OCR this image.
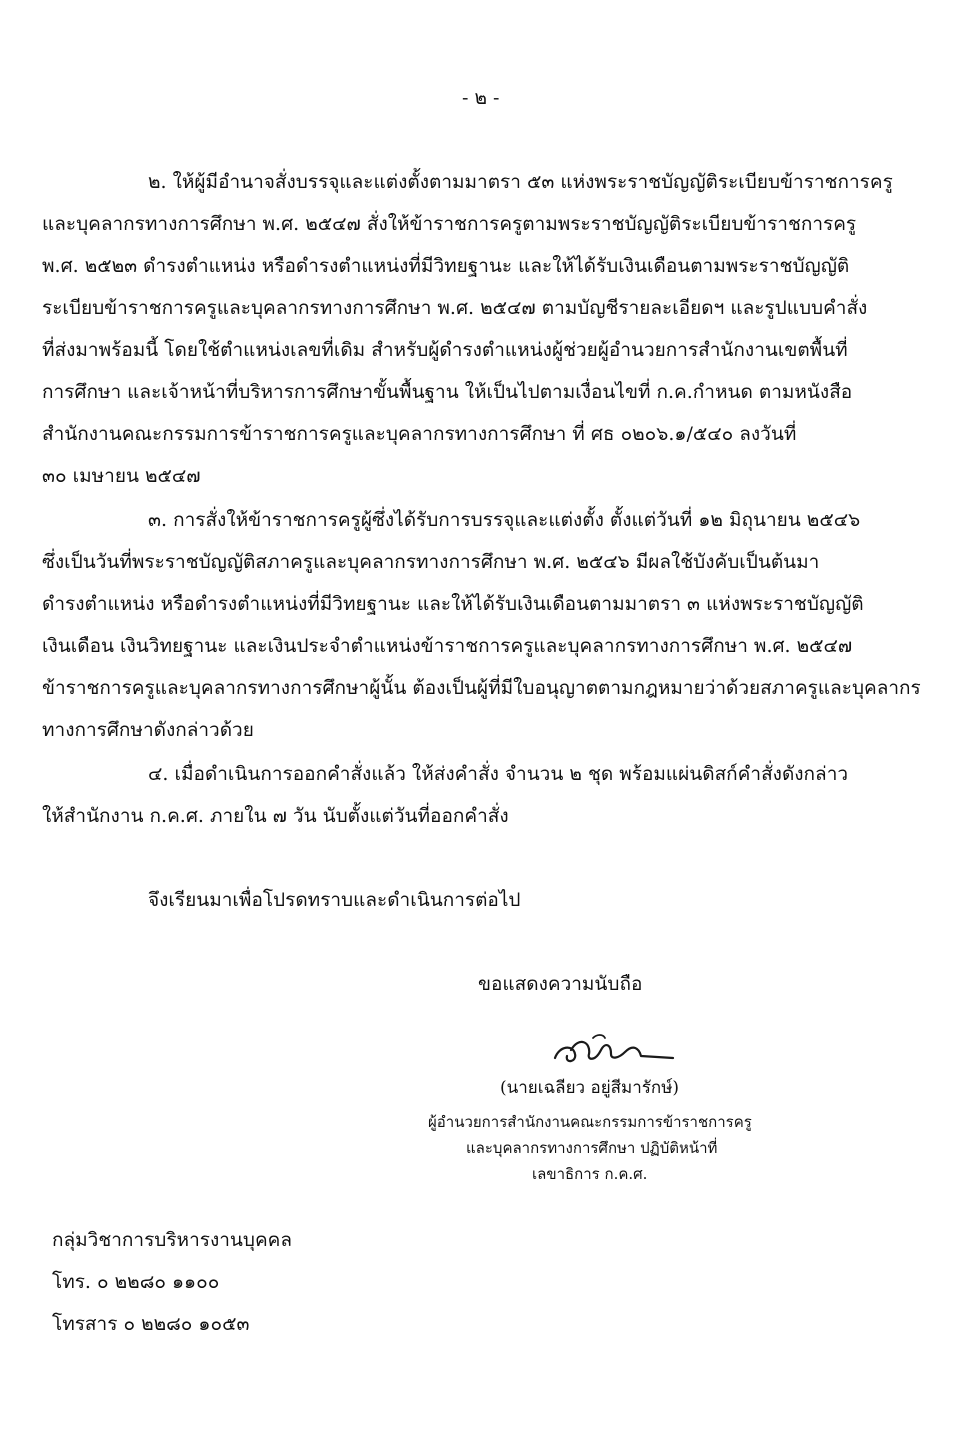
- ๒ -
๒. ให้ผู้มีอำนาจสั่งบรรจุและแต่งตั้งตามมาตรา ๕๓ แห่งพระราชบัญญัติระเบียบข้าราชการครู
และบุคลากรทางการศึกษา พ.ศ. ๒๕๔๗ สั่งให้ข้าราชการครูตามพระราชบัญญัติระเบียบข้าราชการครู
พ.ศ. ๒๕๒๓ ดำรงตำแหน่ง หรือดำรงตำแหน่งที่มีวิทยฐานะ และให้ได้รับเงินเดือนตามพระราชบัญญัติ
ระเบียบข้าราชการครูและบุคลากรทางการศึกษา พ.ศ. ๒๕๔๗ ตามบัญชีรายละเอียดฯ และรูปแบบคำสั่ง
ที่ส่งมาพร้อมนี้ โดยใช้ตำแหน่งเลขที่เดิม สำหรับผู้ดำรงตำแหน่งผู้ช่วยผู้อำนวยการสำนักงานเขตพื้นที่
การศึกษา และเจ้าหน้าที่บริหารการศึกษาขั้นพื้นฐาน ให้เป็นไปตามเงื่อนไขที่ ก.ค.กำหนด ตามหนังสือ
สำนักงานคณะกรรมการข้าราชการครูและบุคลากรทางการศึกษา ที่ ศธ ๐๒๐๖.๑/๕๔๐ ลงวันที่
๓๐ เมษายน ๒๕๔๗
๓. การสั่งให้ข้าราชการครูผู้ซึ่งได้รับการบรรจุและแต่งตั้ง ตั้งแต่วันที่ ๑๒ มิถุนายน ๒๕๔๖
ซึ่งเป็นวันที่พระราชบัญญัติสภาครูและบุคลากรทางการศึกษา พ.ศ. ๒๕๔๖ มีผลใช้บังคับเป็นต้นมา
ดำรงตำแหน่ง หรือดำรงตำแหน่งที่มีวิทยฐานะ และให้ได้รับเงินเดือนตามมาตรา ๓ แห่งพระราชบัญญัติ
เงินเดือน เงินวิทยฐานะ และเงินประจำตำแหน่งข้าราชการครูและบุคลากรทางการศึกษา พ.ศ. ๒๕๔๗
ข้าราชการครูและบุคลากรทางการศึกษาผู้นั้น ต้องเป็นผู้ที่มีใบอนุญาตตามกฎหมายว่าด้วยสภาครูและบุคลากร
ทางการศึกษาดังกล่าวด้วย
๔. เมื่อดำเนินการออกคำสั่งแล้ว ให้ส่งคำสั่ง จำนวน ๒ ชุด พร้อมแผ่นดิสก์คำสั่งดังกล่าว
ให้สำนักงาน ก.ค.ศ. ภายใน ๗ วัน นับตั้งแต่วันที่ออกคำสั่ง
จึงเรียนมาเพื่อโปรดทราบและดำเนินการต่อไป
ขอแสดงความนับถือ
(นายเฉลียว อยู่สีมารักษ์)
ผู้อำนวยการสำนักงานคณะกรรมการข้าราชการครู
และบุคลากรทางการศึกษา ปฏิบัติหน้าที่
เลขาธิการ ก.ค.ศ.
กลุ่มวิชาการบริหารงานบุคคล
โทร. ๐ ๒๒๘๐ ๑๑๐๐
โทรสาร ๐ ๒๒๘๐ ๑๐๕๓
